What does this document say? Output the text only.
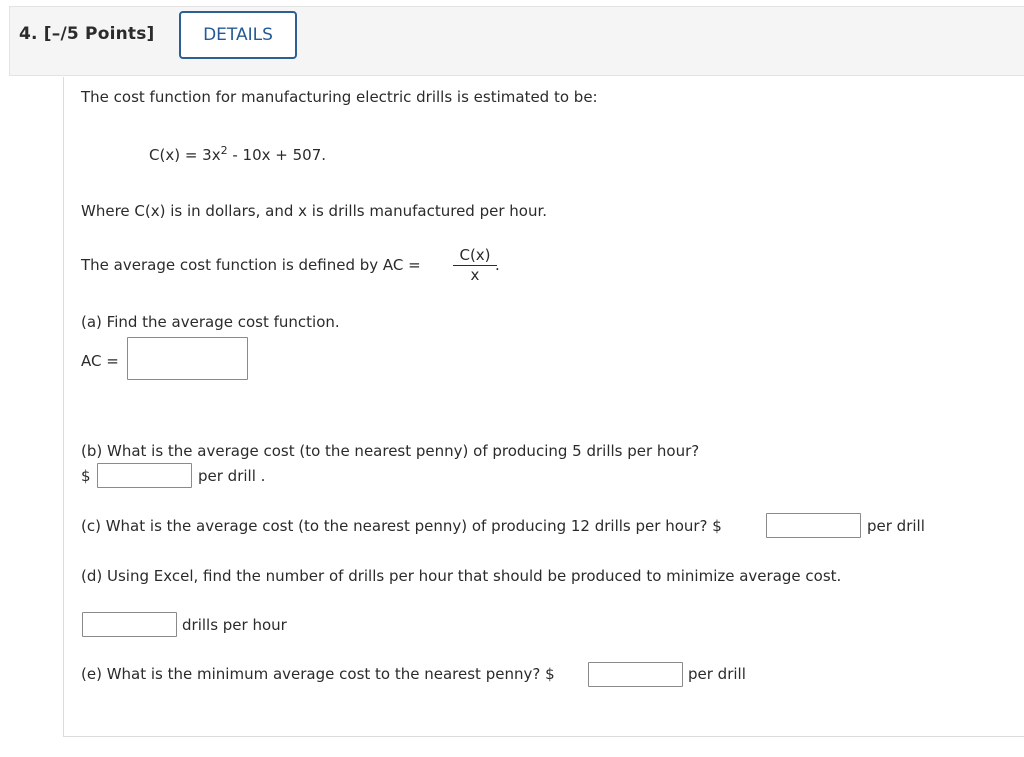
4. [–/5 Points]	DETAILS
The cost function for manufacturing electric drills is estimated to be:
$C(x) = 3x^2 - 10x + 507$.
Where C(x) is in dollars, and x is drills manufactured per hour.
The average cost function is defined by AC = $\frac{C(x)}{x}$
.
(a) Find the average cost function.
AC =
(b) What is the average cost (to the nearest penny) of producing 5 drills per hour?
$	per drill .
(c) What is the average cost (to the nearest penny) of producing 12 drills per hour? $	per drill
(d) Using Excel, find the number of drills per hour that should be produced to minimize average cost.
drills per hour
(e) What is the minimum average cost to the nearest penny? $	per drill
